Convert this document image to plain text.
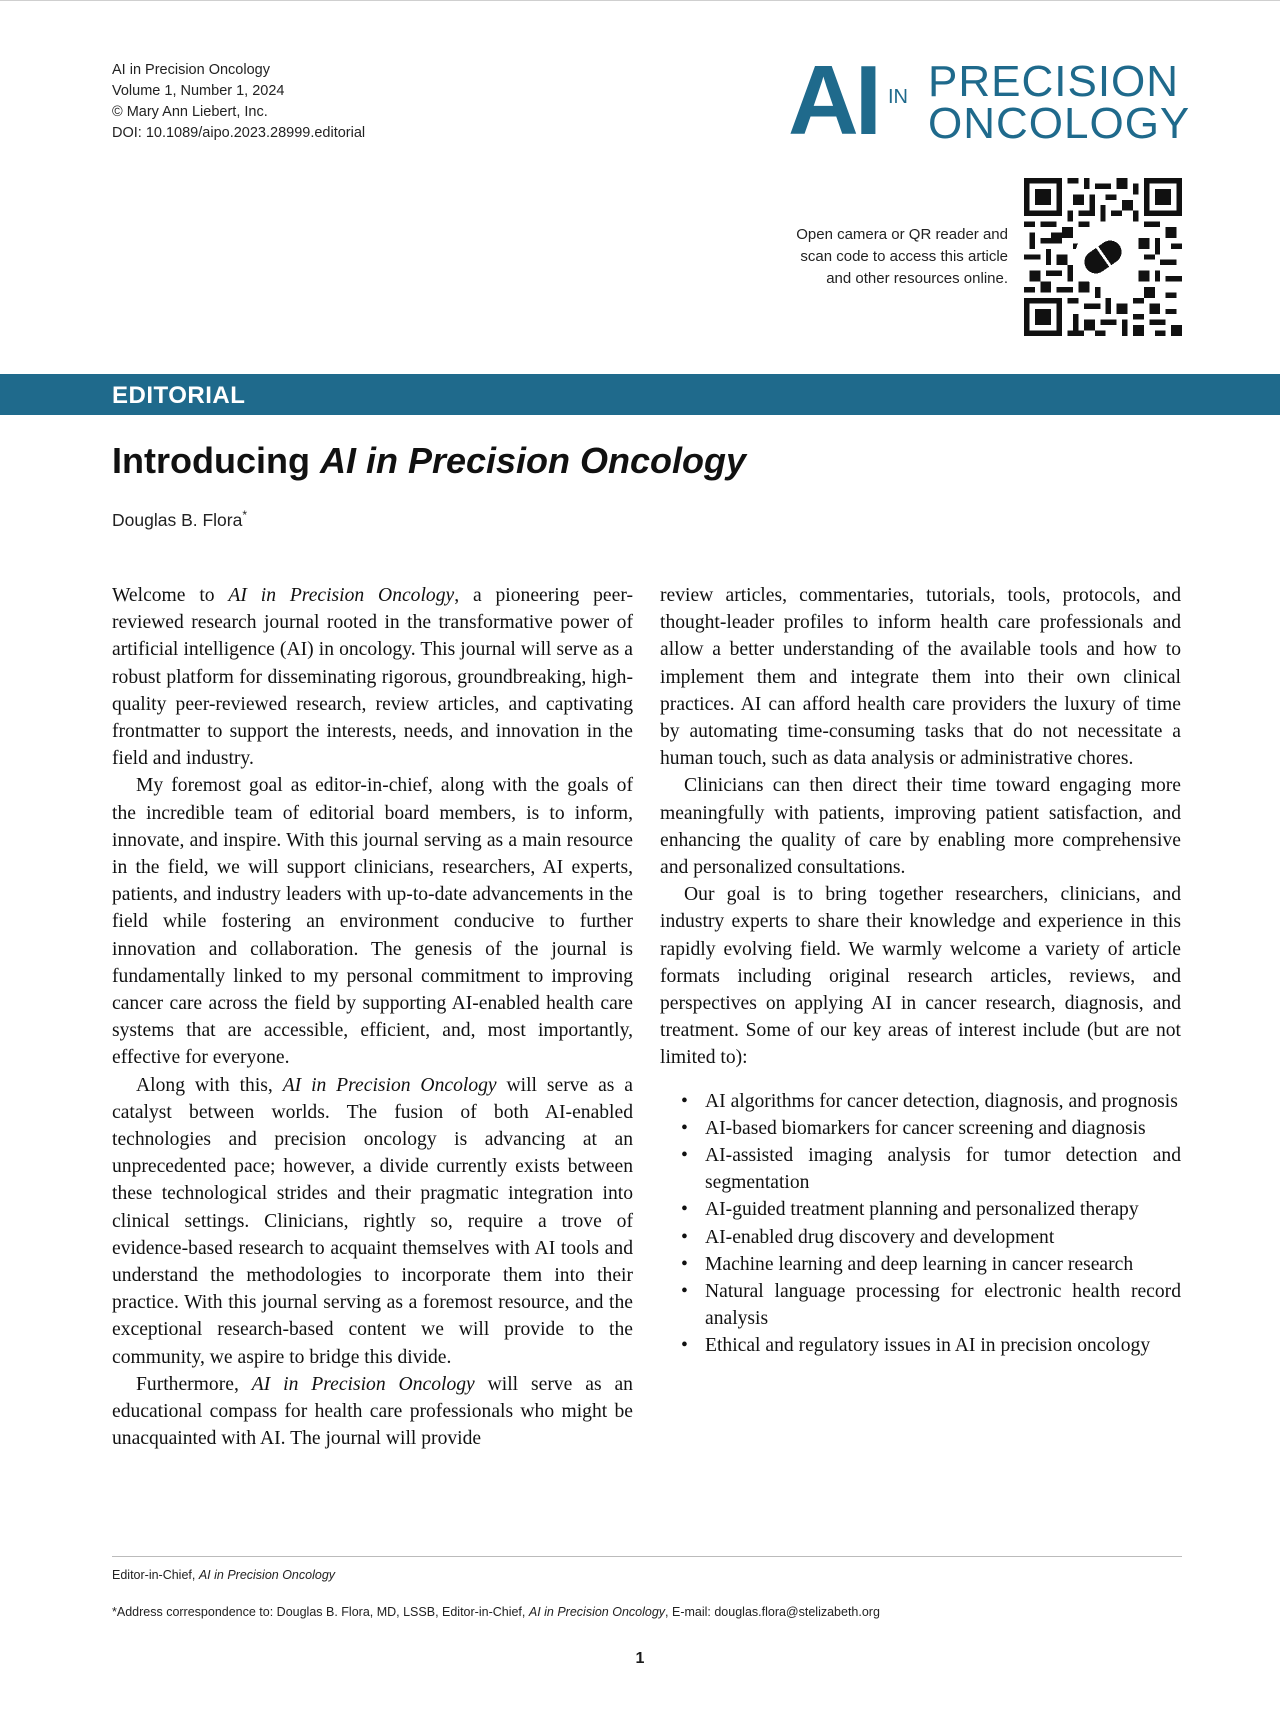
AI in Precision Oncology
Volume 1, Number 1, 2024
© Mary Ann Liebert, Inc.
DOI: 10.1089/aipo.2023.28999.editorial	AI IN PRECISION
ONCOLOGY
Open camera or QR reader and
scan code to access this article
and other resources online.
EDITORIAL
Introducing AI in Precision Oncology
Douglas B. Flora*

Welcome to AI in Precision Oncology, a pioneering peer-reviewed research journal rooted in the transformative power of artificial intelligence (AI) in oncology. This journal will serve as a robust platform for disseminating rigorous, groundbreaking, high-quality peer-reviewed research, review articles, and captivating frontmatter to support the interests, needs, and innovation in the field and industry.

My foremost goal as editor-in-chief, along with the goals of the incredible team of editorial board members, is to inform, innovate, and inspire. With this journal serving as a main resource in the field, we will support clinicians, researchers, AI experts, patients, and industry leaders with up-to-date advancements in the field while fostering an environment conducive to further innovation and collaboration. The genesis of the journal is fundamentally linked to my personal commitment to improving cancer care across the field by supporting AI-enabled health care systems that are accessible, efficient, and, most importantly, effective for everyone.

Along with this, AI in Precision Oncology will serve as a catalyst between worlds. The fusion of both AI-enabled technologies and precision oncology is advancing at an unprecedented pace; however, a divide currently exists between these technological strides and their pragmatic integration into clinical settings. Clinicians, rightly so, require a trove of evidence-based research to acquaint themselves with AI tools and understand the methodologies to incorporate them into their practice. With this journal serving as a foremost resource, and the exceptional research-based content we will provide to the community, we aspire to bridge this divide.

Furthermore, AI in Precision Oncology will serve as an educational compass for health care professionals who might be unacquainted with AI. The journal will provide

review articles, commentaries, tutorials, tools, protocols, and thought-leader profiles to inform health care professionals and allow a better understanding of the available tools and how to implement them and integrate them into their own clinical practices. AI can afford health care providers the luxury of time by automating time-consuming tasks that do not necessitate a human touch, such as data analysis or administrative chores.

Clinicians can then direct their time toward engaging more meaningfully with patients, improving patient satisfaction, and enhancing the quality of care by enabling more comprehensive and personalized consultations.

Our goal is to bring together researchers, clinicians, and industry experts to share their knowledge and experience in this rapidly evolving field. We warmly welcome a variety of article formats including original research articles, reviews, and perspectives on applying AI in cancer research, diagnosis, and treatment. Some of our key areas of interest include (but are not limited to):

• AI algorithms for cancer detection, diagnosis, and prognosis
• AI-based biomarkers for cancer screening and diagnosis
• AI-assisted imaging analysis for tumor detection and segmentation
• AI-guided treatment planning and personalized therapy
• AI-enabled drug discovery and development
• Machine learning and deep learning in cancer research
• Natural language processing for electronic health record analysis
• Ethical and regulatory issues in AI in precision oncology
Editor-in-Chief, AI in Precision Oncology
*Address correspondence to: Douglas B. Flora, MD, LSSB, Editor-in-Chief, AI in Precision Oncology, E-mail: douglas.flora@stelizabeth.org
1
